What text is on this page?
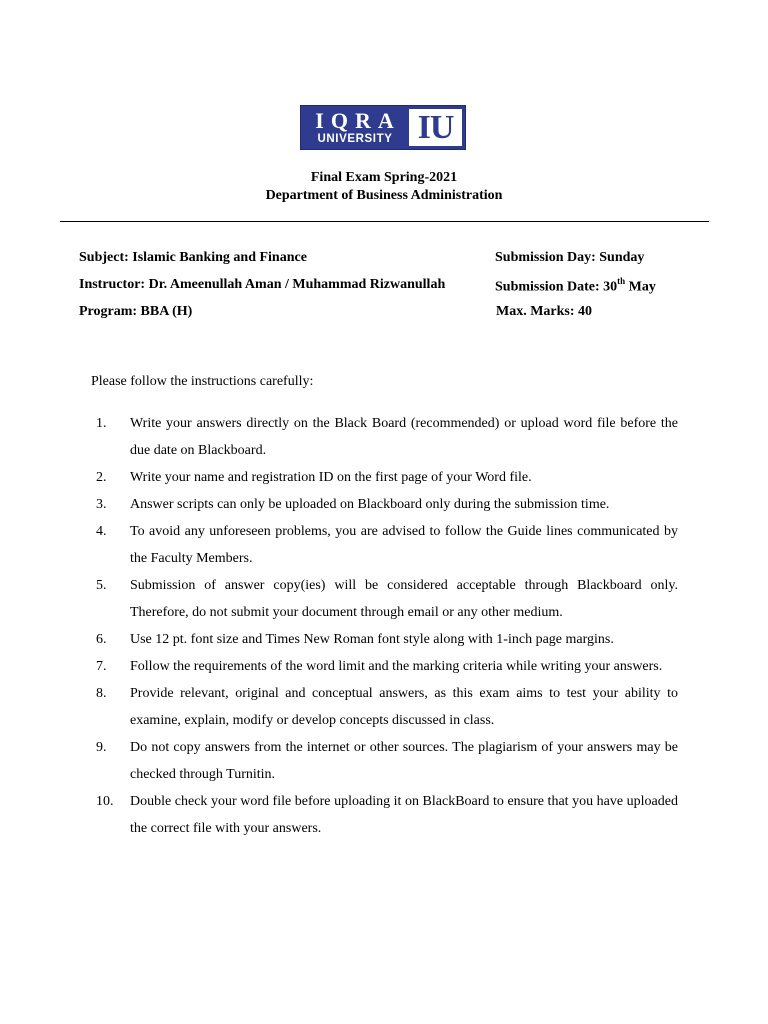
IQRA
UNIVERSITY IU
Final Exam Spring-2021
Department of Business Administration
Subject: Islamic Banking and Finance
Instructor: Dr. Ameenullah Aman / Muhammad Rizwanullah
Program: BBA (H)
Submission Day: Sunday
Submission Date: 30th May
Max. Marks: 40
Please follow the instructions carefully:
1.	Write your answers directly on the Black Board (recommended) or upload word file before the due date on Blackboard.
2.	Write your name and registration ID on the first page of your Word file.
3.	Answer scripts can only be uploaded on Blackboard only during the submission time.
4.	To avoid any unforeseen problems, you are advised to follow the Guide lines communicated by the Faculty Members.
5.	Submission of answer copy(ies) will be considered acceptable through Blackboard only. Therefore, do not submit your document through email or any other medium.
6.	Use 12 pt. font size and Times New Roman font style along with 1-inch page margins.
7.	Follow the requirements of the word limit and the marking criteria while writing your answers.
8.	Provide relevant, original and conceptual answers, as this exam aims to test your ability to examine, explain, modify or develop concepts discussed in class.
9.	Do not copy answers from the internet or other sources. The plagiarism of your answers may be checked through Turnitin.
10.	Double check your word file before uploading it on BlackBoard to ensure that you have uploaded the correct file with your answers.
